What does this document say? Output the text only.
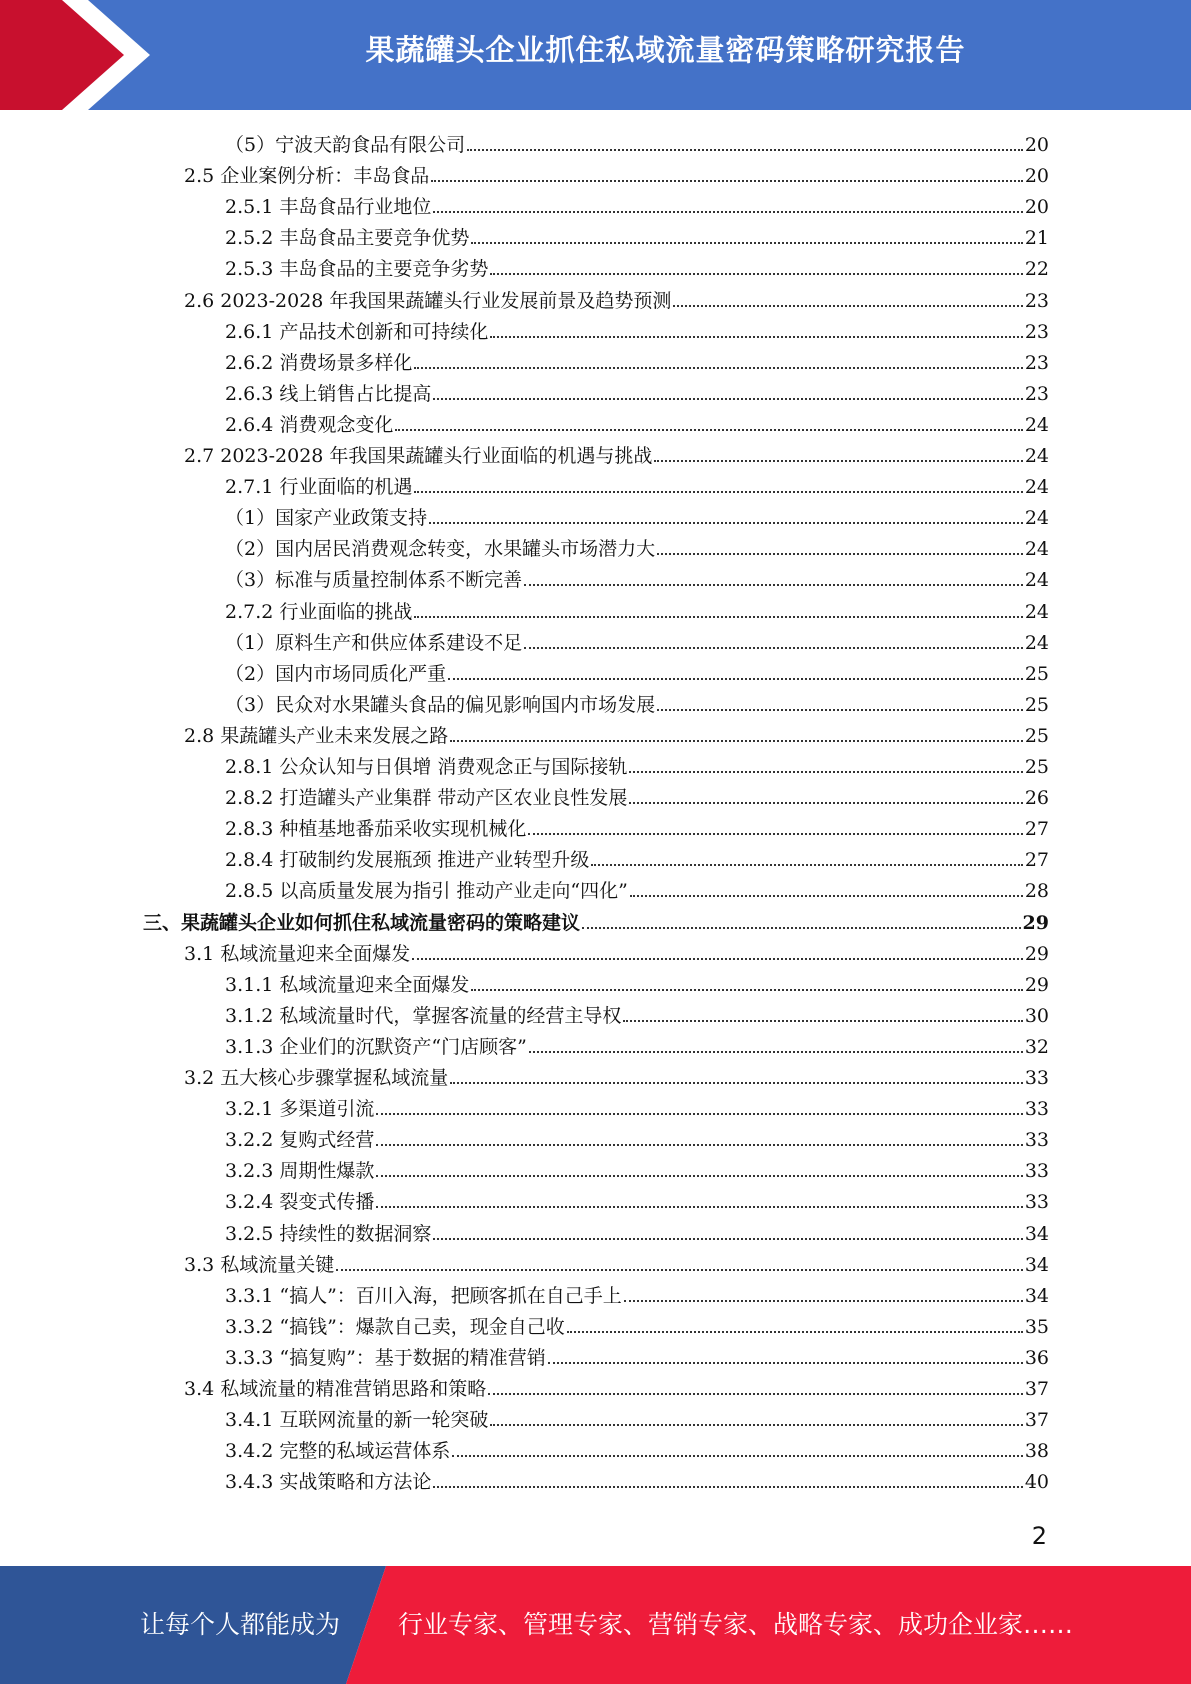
果蔬罐头企业抓住私域流量密码策略研究报告
（5）宁波天韵食品有限公司	20
2.5 企业案例分析：丰岛食品	20
2.5.1 丰岛食品行业地位	20
2.5.2 丰岛食品主要竞争优势	21
2.5.3 丰岛食品的主要竞争劣势	22
2.6 2023-2028 年我国果蔬罐头行业发展前景及趋势预测	23
2.6.1 产品技术创新和可持续化	23
2.6.2 消费场景多样化	23
2.6.3 线上销售占比提高	23
2.6.4 消费观念变化	24
2.7 2023-2028 年我国果蔬罐头行业面临的机遇与挑战	24
2.7.1 行业面临的机遇	24
（1）国家产业政策支持	24
（2）国内居民消费观念转变，水果罐头市场潜力大	24
（3）标准与质量控制体系不断完善	24
2.7.2 行业面临的挑战	24
（1）原料生产和供应体系建设不足	24
（2）国内市场同质化严重	25
（3）民众对水果罐头食品的偏见影响国内市场发展	25
2.8 果蔬罐头产业未来发展之路	25
2.8.1 公众认知与日俱增 消费观念正与国际接轨	25
2.8.2 打造罐头产业集群 带动产区农业良性发展	26
2.8.3 种植基地番茄采收实现机械化	27
2.8.4 打破制约发展瓶颈 推进产业转型升级	27
2.8.5 以高质量发展为指引 推动产业走向“四化”	28
三、果蔬罐头企业如何抓住私域流量密码的策略建议	29
3.1 私域流量迎来全面爆发	29
3.1.1 私域流量迎来全面爆发	29
3.1.2 私域流量时代，掌握客流量的经营主导权	30
3.1.3 企业们的沉默资产“门店顾客”	32
3.2 五大核心步骤掌握私域流量	33
3.2.1 多渠道引流	33
3.2.2 复购式经营	33
3.2.3 周期性爆款	33
3.2.4 裂变式传播	33
3.2.5 持续性的数据洞察	34
3.3 私域流量关键	34
3.3.1 “搞人”：百川入海，把顾客抓在自己手上	34
3.3.2 “搞钱”：爆款自己卖，现金自己收	35
3.3.3 “搞复购”：基于数据的精准营销	36
3.4 私域流量的精准营销思路和策略	37
3.4.1 互联网流量的新一轮突破	37
3.4.2 完整的私域运营体系	38
3.4.3 实战策略和方法论	40
2
让每个人都能成为 行业专家、管理专家、营销专家、战略专家、成功企业家……
